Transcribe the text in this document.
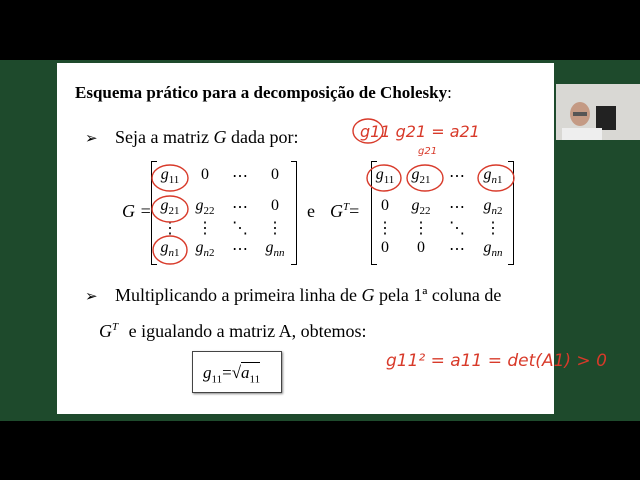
Esquema prático para a decomposição de Cholesky:
➢ Seja a matriz G dada por:
G =
$g_{11}$	0	⋯	0
$g_{21}$	$g_{22}$	⋯	0
⋮	⋮	⋱	⋮
$g_{n1}$	$g_{n2}$	⋯	$g_{nn}$
e $G^T=$
$g_{11}$	$g_{21}$	⋯	$g_{n1}$
0	$g_{22}$	⋯	$g_{n2}$
⋮	⋮	⋱	⋮
0	0	⋯	$g_{nn}$
➢ Multiplicando a primeira linha de G pela 1ª coluna de
$G^T$ e igualando a matriz A, obtemos:
$g_{11}=√a_{11}$
g11 g21 = a21
g21
g11² = a11 = det(A1) > 0
